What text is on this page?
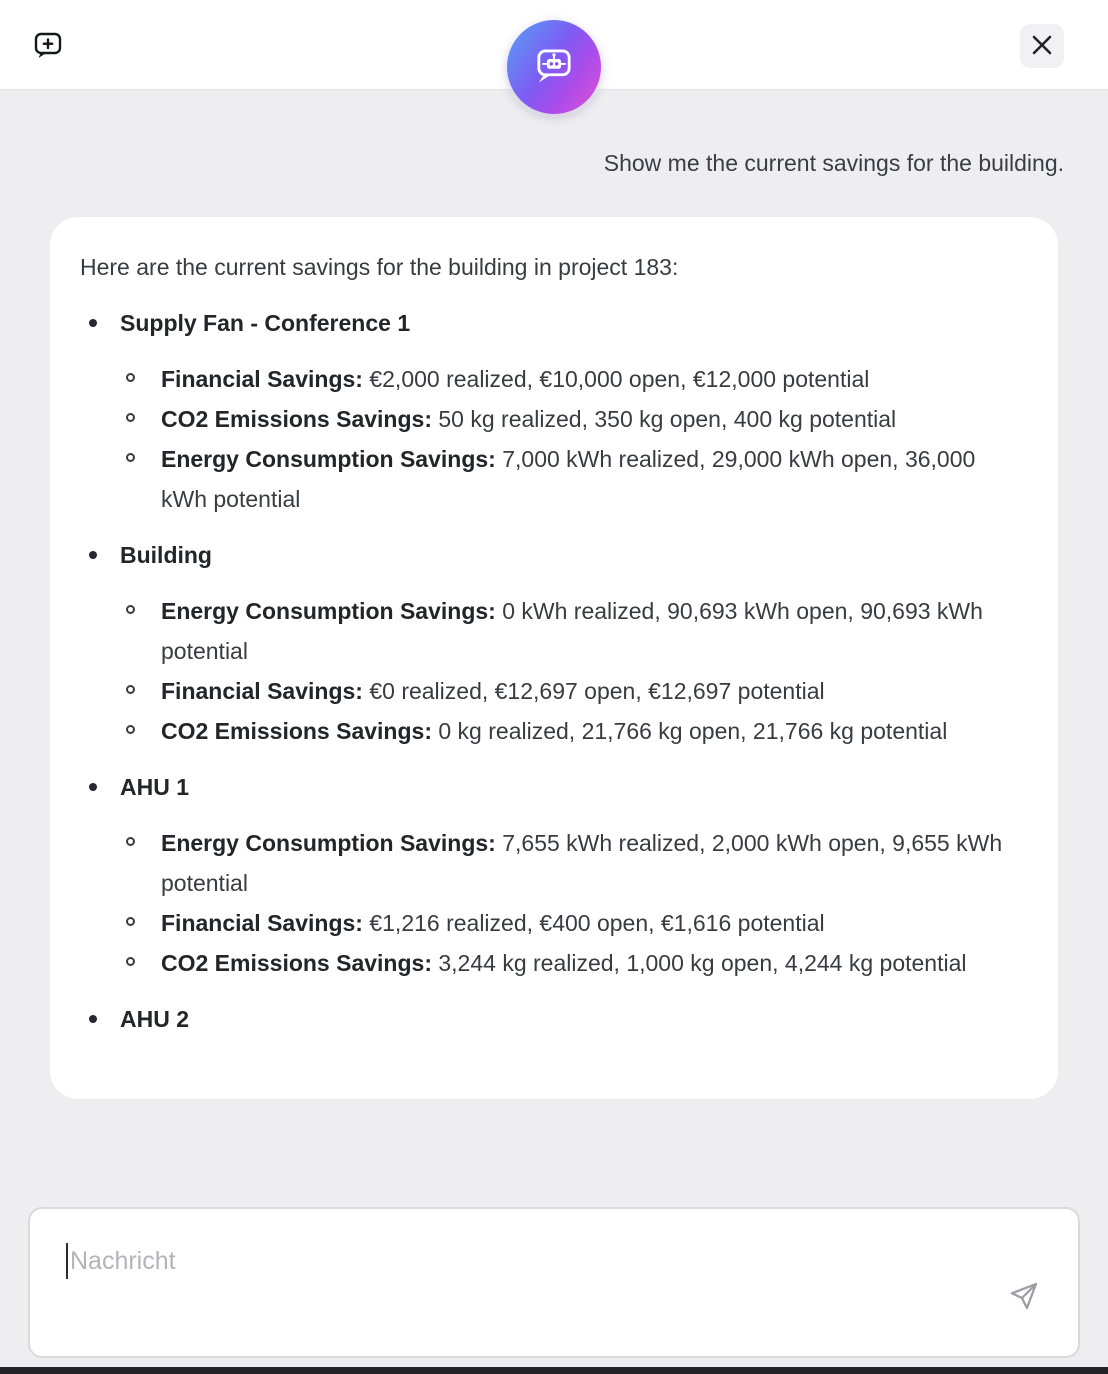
Show me the current savings for the building.

Here are the current savings for the building in project 183:

Supply Fan - Conference 1
Financial Savings: €2,000 realized, €10,000 open, €12,000 potential
CO2 Emissions Savings: 50 kg realized, 350 kg open, 400 kg potential
Energy Consumption Savings: 7,000 kWh realized, 29,000 kWh open, 36,000 kWh potential
Building
Energy Consumption Savings: 0 kWh realized, 90,693 kWh open, 90,693 kWh potential
Financial Savings: €0 realized, €12,697 open, €12,697 potential
CO2 Emissions Savings: 0 kg realized, 21,766 kg open, 21,766 kg potential
AHU 1
Energy Consumption Savings: 7,655 kWh realized, 2,000 kWh open, 9,655 kWh potential
Financial Savings: €1,216 realized, €400 open, €1,616 potential
CO2 Emissions Savings: 3,244 kg realized, 1,000 kg open, 4,244 kg potential
AHU 2
Nachricht
